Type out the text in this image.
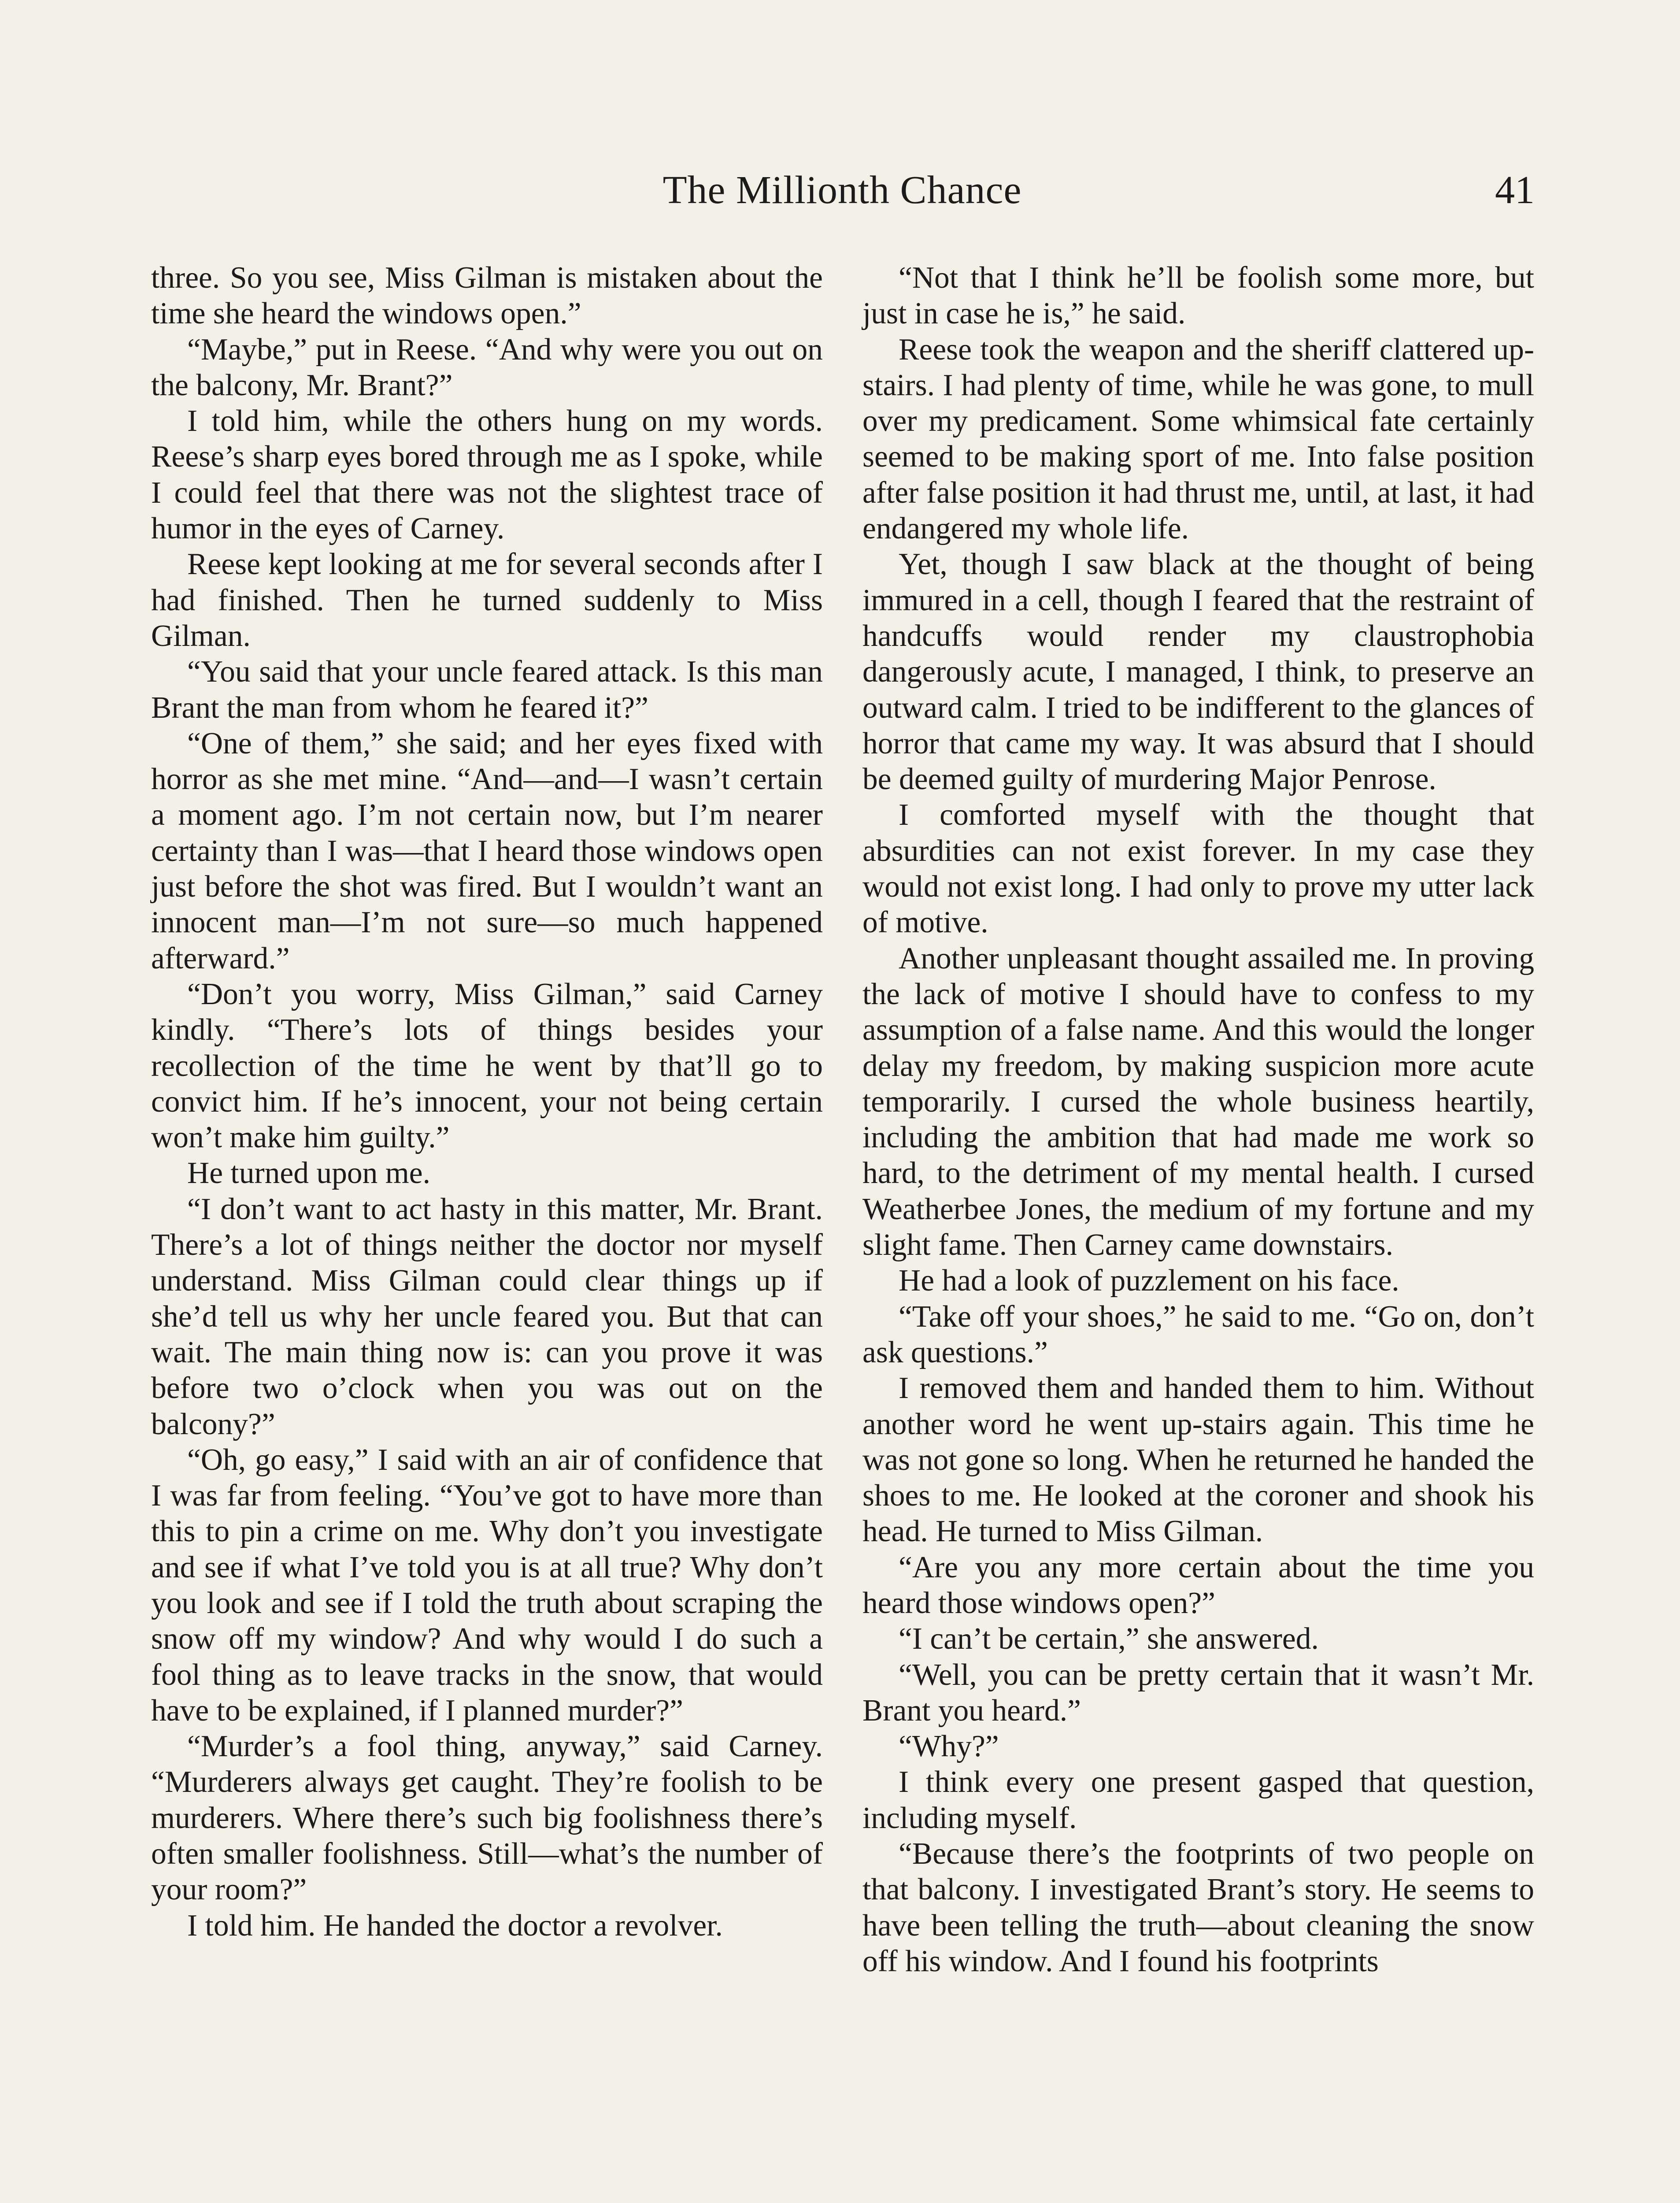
The Millionth Chance	41

three. So you see, Miss Gilman is mistaken about the time she heard the windows open.”

“Maybe,” put in Reese. “And why were you out on the balcony, Mr. Brant?”

I told him, while the others hung on my words. Reese’s sharp eyes bored through me as I spoke, while I could feel that there was not the slightest trace of humor in the eyes of Carney.

Reese kept looking at me for several seconds after I had finished. Then he turned suddenly to Miss Gilman.

“You said that your uncle feared attack. Is this man Brant the man from whom he feared it?”

“One of them,” she said; and her eyes fixed with horror as she met mine. “And—and—I wasn’t certain a moment ago. I’m not certain now, but I’m nearer certainty than I was—that I heard those windows open just before the shot was fired. But I wouldn’t want an innocent man—I’m not sure—so much happened afterward.”

“Don’t you worry, Miss Gilman,” said Carney kindly. “There’s lots of things besides your recollection of the time he went by that’ll go to convict him. If he’s innocent, your not being certain won’t make him guilty.”

He turned upon me.

“I don’t want to act hasty in this matter, Mr. Brant. There’s a lot of things neither the doctor nor myself understand. Miss Gilman could clear things up if she’d tell us why her uncle feared you. But that can wait. The main thing now is: can you prove it was before two o’clock when you was out on the balcony?”

“Oh, go easy,” I said with an air of confidence that I was far from feeling. “You’ve got to have more than this to pin a crime on me. Why don’t you investigate and see if what I’ve told you is at all true? Why don’t you look and see if I told the truth about scraping the snow off my window? And why would I do such a fool thing as to leave tracks in the snow, that would have to be explained, if I planned murder?”

“Murder’s a fool thing, anyway,” said Carney. “Murderers always get caught. They’re foolish to be murderers. Where there’s such big foolishness there’s often smaller foolishness. Still—what’s the number of your room?”

I told him. He handed the doctor a revolver.

“Not that I think he’ll be foolish some more, but just in case he is,” he said.

Reese took the weapon and the sheriff clattered up-stairs. I had plenty of time, while he was gone, to mull over my predicament. Some whimsical fate certainly seemed to be making sport of me. Into false position after false position it had thrust me, until, at last, it had endangered my whole life.

Yet, though I saw black at the thought of being immured in a cell, though I feared that the restraint of handcuffs would render my claustrophobia dangerously acute, I managed, I think, to preserve an outward calm. I tried to be indifferent to the glances of horror that came my way. It was absurd that I should be deemed guilty of murdering Major Penrose.

I comforted myself with the thought that absurdities can not exist forever. In my case they would not exist long. I had only to prove my utter lack of motive.

Another unpleasant thought assailed me. In proving the lack of motive I should have to confess to my assumption of a false name. And this would the longer delay my freedom, by making suspicion more acute temporarily. I cursed the whole business heartily, including the ambition that had made me work so hard, to the detriment of my mental health. I cursed Weatherbee Jones, the medium of my fortune and my slight fame. Then Carney came downstairs.

He had a look of puzzlement on his face.

“Take off your shoes,” he said to me. “Go on, don’t ask questions.”

I removed them and handed them to him. Without another word he went up-stairs again. This time he was not gone so long. When he returned he handed the shoes to me. He looked at the coroner and shook his head. He turned to Miss Gilman.

“Are you any more certain about the time you heard those windows open?”

“I can’t be certain,” she answered.

“Well, you can be pretty certain that it wasn’t Mr. Brant you heard.”

“Why?”

I think every one present gasped that question, including myself.

“Because there’s the footprints of two people on that balcony. I investigated Brant’s story. He seems to have been telling the truth—about cleaning the snow off his window. And I found his footprints
